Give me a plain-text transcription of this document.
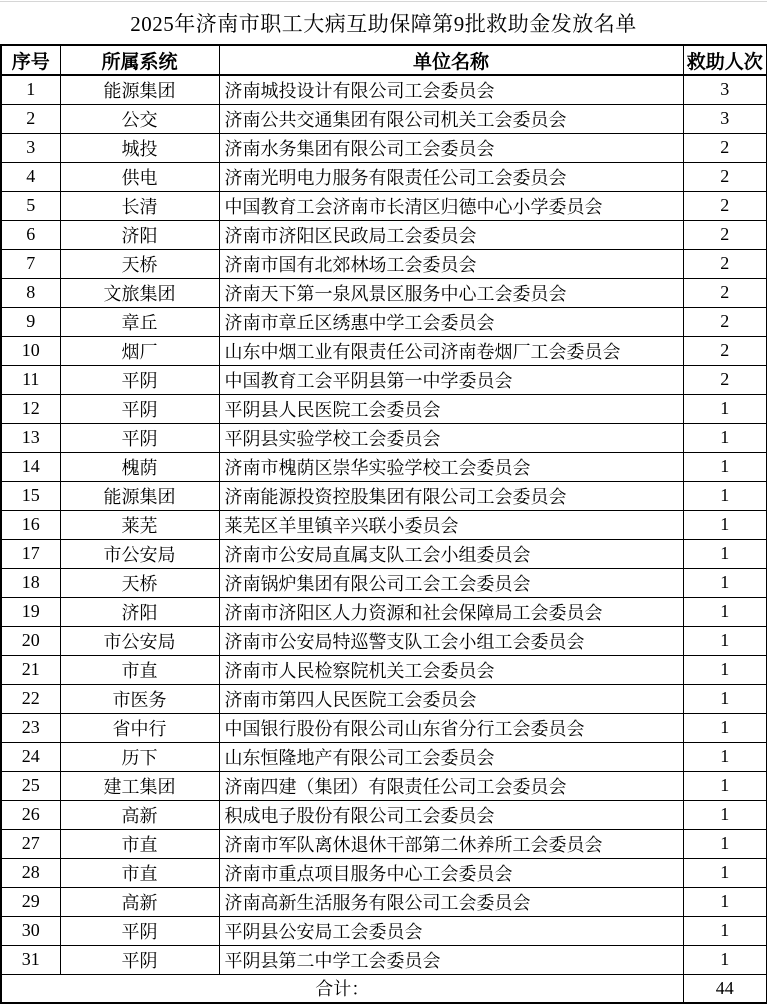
2025年济南市职工大病互助保障第9批救助金发放名单
序号	所属系统	单位名称	救助人次
1	能源集团	济南城投设计有限公司工会委员会	3
2	公交	济南公共交通集团有限公司机关工会委员会	3
3	城投	济南水务集团有限公司工会委员会	2
4	供电	济南光明电力服务有限责任公司工会委员会	2
5	长清	中国教育工会济南市长清区归德中心小学委员会	2
6	济阳	济南市济阳区民政局工会委员会	2
7	天桥	济南市国有北郊林场工会委员会	2
8	文旅集团	济南天下第一泉风景区服务中心工会委员会	2
9	章丘	济南市章丘区绣惠中学工会委员会	2
10	烟厂	山东中烟工业有限责任公司济南卷烟厂工会委员会	2
11	平阴	中国教育工会平阴县第一中学委员会	2
12	平阴	平阴县人民医院工会委员会	1
13	平阴	平阴县实验学校工会委员会	1
14	槐荫	济南市槐荫区崇华实验学校工会委员会	1
15	能源集团	济南能源投资控股集团有限公司工会委员会	1
16	莱芜	莱芜区羊里镇辛兴联小委员会	1
17	市公安局	济南市公安局直属支队工会小组委员会	1
18	天桥	济南锅炉集团有限公司工会工会委员会	1
19	济阳	济南市济阳区人力资源和社会保障局工会委员会	1
20	市公安局	济南市公安局特巡警支队工会小组工会委员会	1
21	市直	济南市人民检察院机关工会委员会	1
22	市医务	济南市第四人民医院工会委员会	1
23	省中行	中国银行股份有限公司山东省分行工会委员会	1
24	历下	山东恒隆地产有限公司工会委员会	1
25	建工集团	济南四建（集团）有限责任公司工会委员会	1
26	高新	积成电子股份有限公司工会委员会	1
27	市直	济南市军队离休退休干部第二休养所工会委员会	1
28	市直	济南市重点项目服务中心工会委员会	1
29	高新	济南高新生活服务有限公司工会委员会	1
30	平阴	平阴县公安局工会委员会	1
31	平阴	平阴县第二中学工会委员会	1
合计：			44
